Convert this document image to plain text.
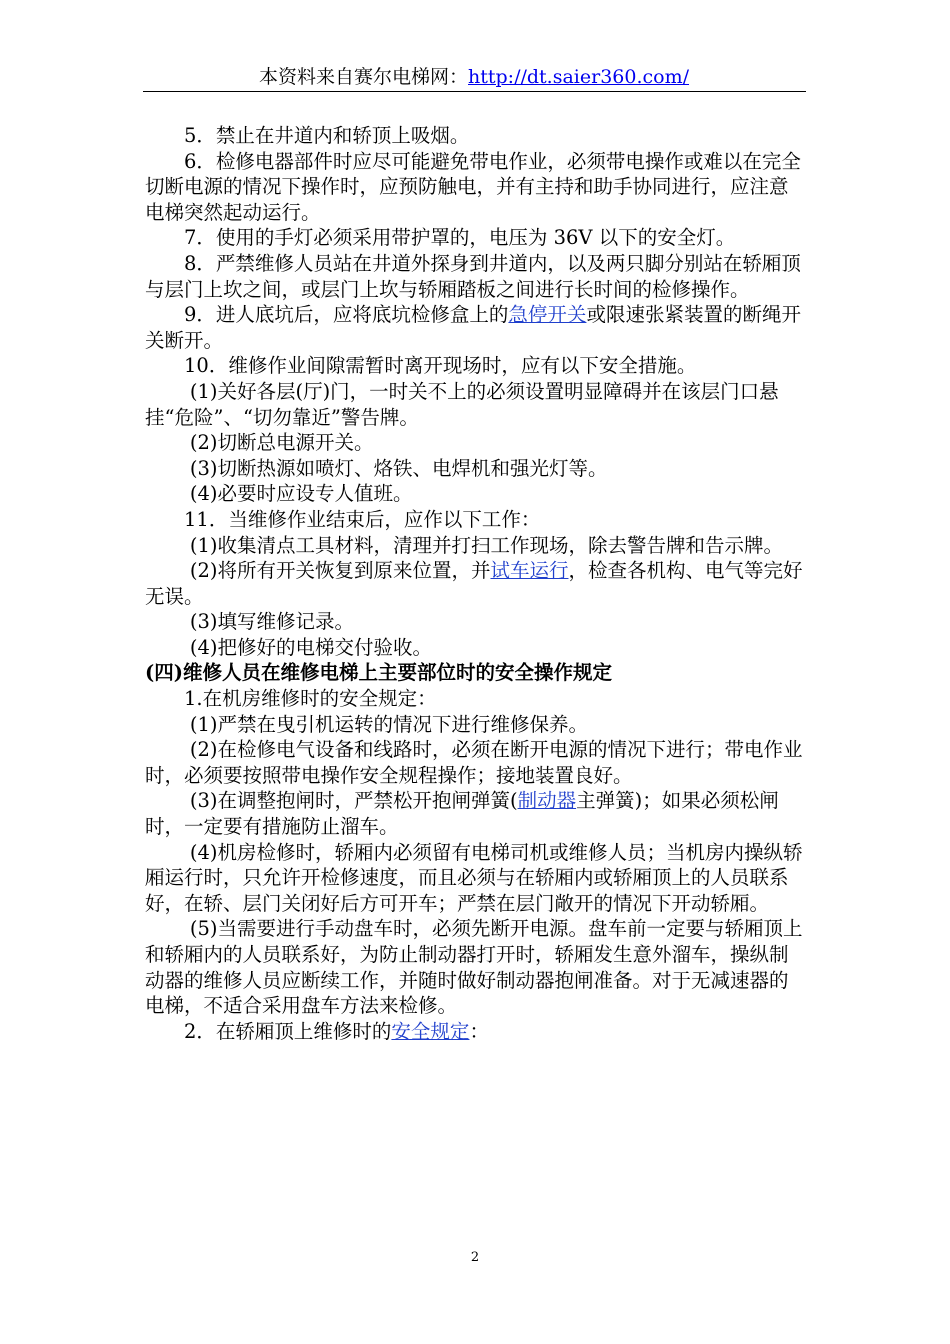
本资料来自赛尔电梯网：http://dt.saier360.com/

5．禁止在井道内和轿顶上吸烟。

6．检修电器部件时应尽可能避免带电作业，必须带电操作或难以在完全切断电源的情况下操作时，应预防触电，并有主持和助手协同进行，应注意电梯突然起动运行。

7．使用的手灯必须采用带护罩的，电压为 36V 以下的安全灯。

8．严禁维修人员站在井道外探身到井道内，以及两只脚分别站在轿厢顶与层门上坎之间，或层门上坎与轿厢踏板之间进行长时间的检修操作。

9．进人底坑后，应将底坑检修盒上的急停开关或限速张紧装置的断绳开关断开。

10．维修作业间隙需暂时离开现场时，应有以下安全措施。

(1)关好各层(厅)门，一时关不上的必须设置明显障碍并在该层门口悬挂“危险”、“切勿靠近”警告牌。

(2)切断总电源开关。

(3)切断热源如喷灯、烙铁、电焊机和强光灯等。

(4)必要时应设专人值班。

11．当维修作业结束后，应作以下工作：

(1)收集清点工具材料，清理并打扫工作现场，除去警告牌和告示牌。

(2)将所有开关恢复到原来位置，并试车运行，检查各机构、电气等完好无误。

(3)填写维修记录。

(4)把修好的电梯交付验收。

(四)维修人员在维修电梯上主要部位时的安全操作规定

1.在机房维修时的安全规定：

(1)严禁在曳引机运转的情况下进行维修保养。

(2)在检修电气设备和线路时，必须在断开电源的情况下进行；带电作业时，必须要按照带电操作安全规程操作；接地装置良好。

(3)在调整抱闸时，严禁松开抱闸弹簧(制动器主弹簧)；如果必须松闸时，一定要有措施防止溜车。

(4)机房检修时，轿厢内必须留有电梯司机或维修人员；当机房内操纵轿厢运行时，只允许开检修速度，而且必须与在轿厢内或轿厢顶上的人员联系好，在轿、层门关闭好后方可开车；严禁在层门敞开的情况下开动轿厢。

(5)当需要进行手动盘车时，必须先断开电源。盘车前一定要与轿厢顶上和轿厢内的人员联系好，为防止制动器打开时，轿厢发生意外溜车，操纵制动器的维修人员应断续工作，并随时做好制动器抱闸准备。对于无减速器的电梯，不适合采用盘车方法来检修。

2．在轿厢顶上维修时的安全规定：

2
